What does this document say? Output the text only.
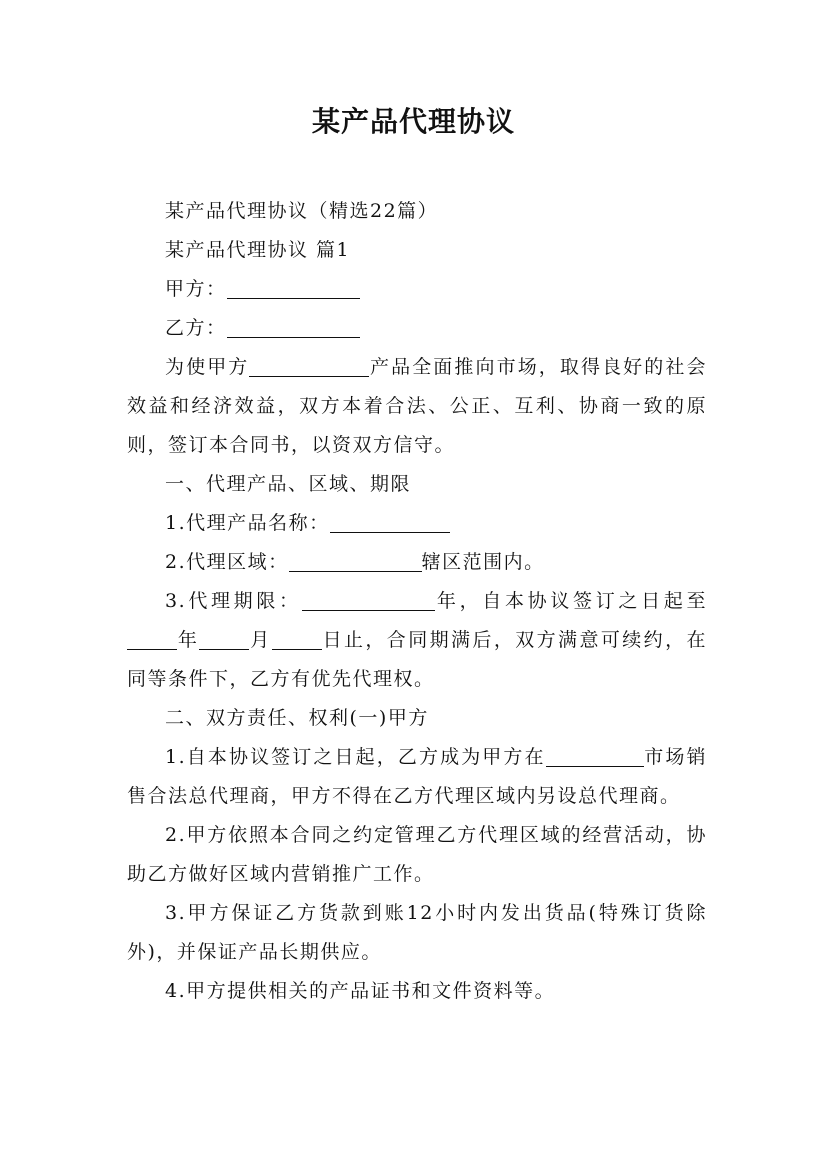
某产品代理协议

某产品代理协议（精选22篇）

某产品代理协议 篇1

甲方：

乙方：

为使甲方	产品全面推向市场，取得良好的社会效益和经济效益，双方本着合法、公正、互利、协商一致的原则，签订本合同书，以资双方信守。

一、代理产品、区域、期限

1.代理产品名称：

2.代理区域：	辖区范围内。

3.代理期限：	年，自本协议签订之日起至年	月	日止，合同期满后，双方满意可续约，在同等条件下，乙方有优先代理权。

二、双方责任、权利(一)甲方

1.自本协议签订之日起，乙方成为甲方在	市场销售合法总代理商，甲方不得在乙方代理区域内另设总代理商。

2.甲方依照本合同之约定管理乙方代理区域的经营活动，协助乙方做好区域内营销推广工作。

3.甲方保证乙方货款到账12小时内发出货品(特殊订货除外)，并保证产品长期供应。

4.甲方提供相关的产品证书和文件资料等。
